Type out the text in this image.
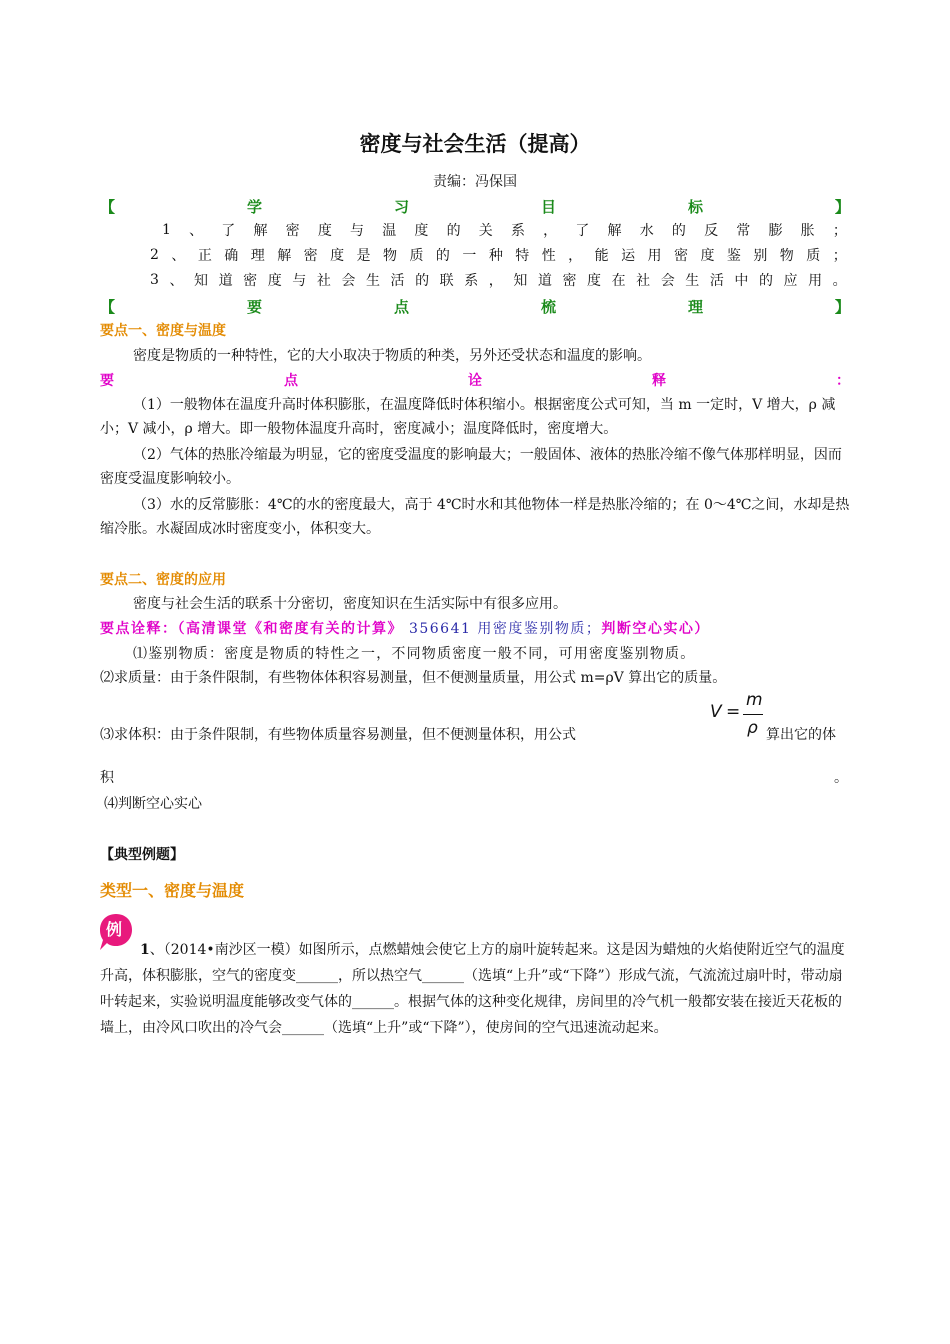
密度与社会生活（提高）
责编：冯保国
【	学	习	目	标	】
1 、 了 解 密 度 与 温 度 的 关 系 ， 了 解 水 的 反 常 膨 胀 ；
2 、 正 确 理 解 密 度 是 物 质 的 一 种 特 性 ， 能 运 用 密 度 鉴 别 物 质 ；
3 、 知 道 密 度 与 社 会 生 活 的 联 系 ， 知 道 密 度 在 社 会 生 活 中 的 应 用 。
【	要	点	梳	理	】
要点一、密度与温度
密度是物质的一种特性，它的大小取决于物质的种类，另外还受状态和温度的影响。
要	点	诠	释	：
（1）一般物体在温度升高时体积膨胀，在温度降低时体积缩小。根据密度公式可知，当 m 一定时，V 增大，ρ 减小；V 减小，ρ 增大。即一般物体温度升高时，密度减小；温度降低时，密度增大。
（2）气体的热胀冷缩最为明显，它的密度受温度的影响最大；一般固体、液体的热胀冷缩不像气体那样明显，因而密度受温度影响较小。
（3）水的反常膨胀：4℃的水的密度最大，高于 4℃时水和其他物体一样是热胀冷缩的；在 0～4℃之间，水却是热缩冷胀。水凝固成冰时密度变小，体积变大。
要点二、密度的应用
密度与社会生活的联系十分密切，密度知识在生活实际中有很多应用。
要点诠释：（高清课堂《和密度有关的计算》 356641 用密度鉴别物质；判断空心实心）
⑴鉴别物质：密度是物质的特性之一，不同物质密度一般不同，可用密度鉴别物质。
⑵求质量：由于条件限制，有些物体体积容易测量，但不便测量质量，用公式 m=ρV 算出它的质量。
⑶求体积：由于条件限制，有些物体质量容易测量，但不便测量体积，用公式
V =
m
ρ 算出它的体
积	。
⑷判断空心实心
【典型例题】
类型一、密度与温度
例
1、（2014•南沙区一模）如图所示，点燃蜡烛会使它上方的扇叶旋转起来。这是因为蜡烛的火焰使附近空气的温度升高，体积膨胀，空气的密度变______，所以热空气______（选填“上升”或“下降”）形成气流，气流流过扇叶时，带动扇叶转起来，实验说明温度能够改变气体的______。根据气体的这种变化规律，房间里的冷气机一般都安装在接近天花板的墙上，由冷风口吹出的冷气会______（选填“上升”或“下降”），使房间的空气迅速流动起来。
